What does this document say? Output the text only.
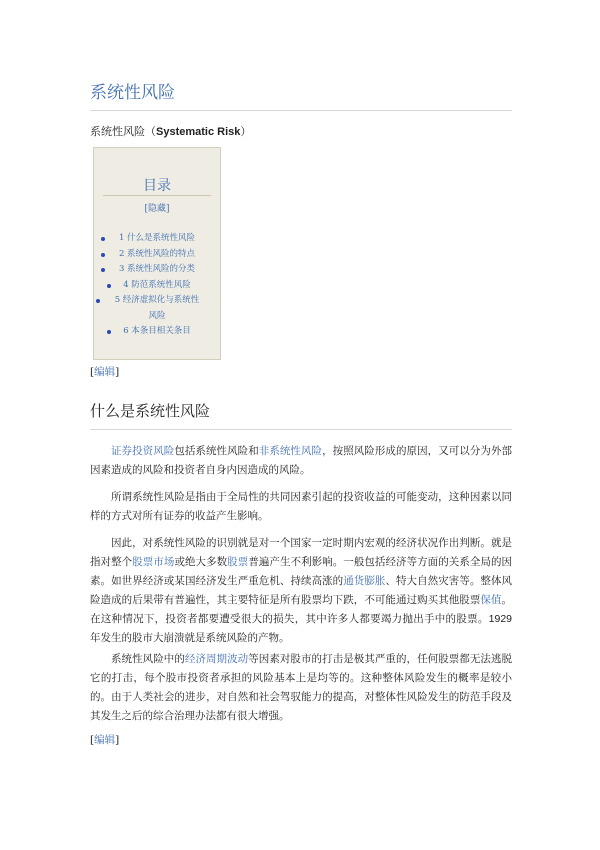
系统性风险
系统性风险（Systematic Risk）
目录
[隐藏]
1 什么是系统性风险
2 系统性风险的特点
3 系统性风险的分类
4 防范系统性风险
5 经济虚拟化与系统性
风险
6 本条目相关条目
[编辑]
什么是系统性风险

证券投资风险包括系统性风险和非系统性风险，按照风险形成的原因，又可以分为外部因素造成的风险和投资者自身内因造成的风险。

所谓系统性风险是指由于全局性的共同因素引起的投资收益的可能变动，这种因素以同样的方式对所有证券的收益产生影响。

因此，对系统性风险的识别就是对一个国家一定时期内宏观的经济状况作出判断。就是指对整个股票市场或绝大多数股票普遍产生不利影响。一般包括经济等方面的关系全局的因素。如世界经济或某国经济发生严重危机、持续高涨的通货膨胀、特大自然灾害等。整体风险造成的后果带有普遍性，其主要特征是所有股票均下跌，不可能通过购买其他股票保值。在这种情况下，投资者都要遭受很大的损失，其中许多人都要竭力抛出手中的股票。1929年发生的股市大崩溃就是系统风险的产物。

系统性风险中的经济周期波动等因素对股市的打击是极其严重的，任何股票都无法逃脱它的打击，每个股市投资者承担的风险基本上是均等的。这种整体风险发生的概率是较小的。由于人类社会的进步，对自然和社会驾驭能力的提高，对整体性风险发生的防范手段及其发生之后的综合治理办法都有很大增强。

[编辑]
